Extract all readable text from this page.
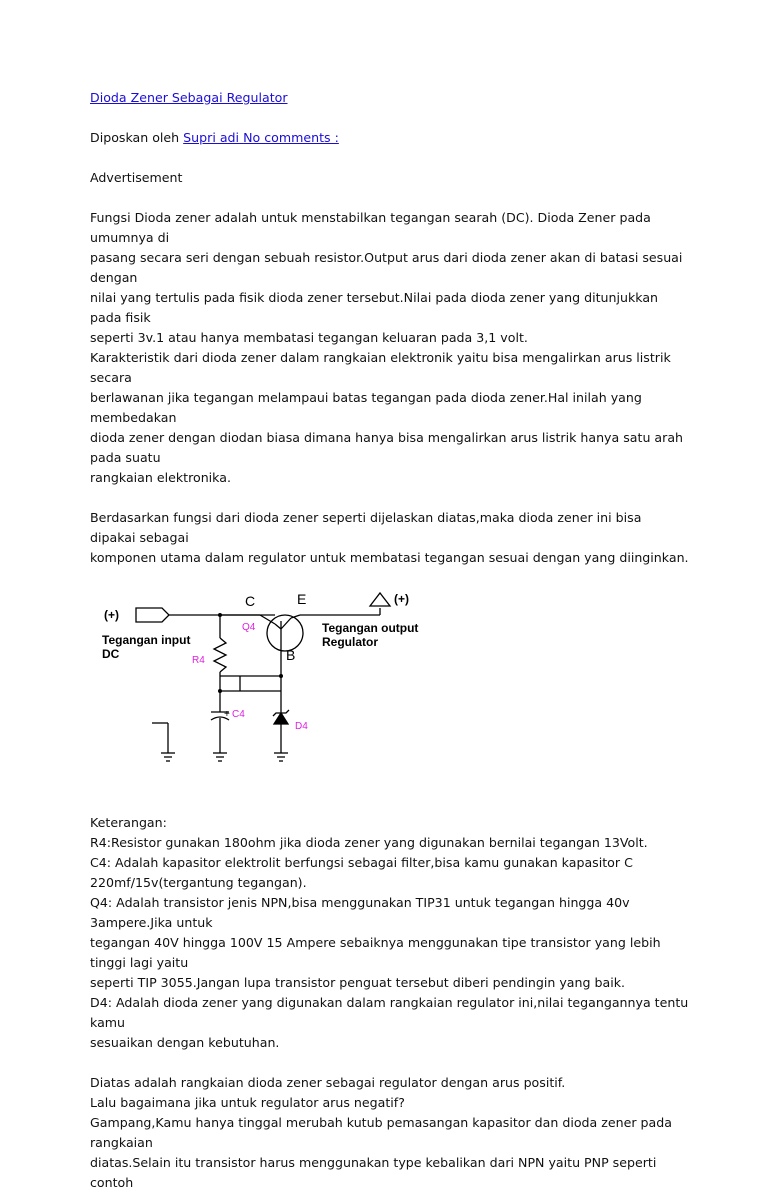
Dioda Zener Sebagai Regulator

Diposkan oleh Supri adi No comments :

Advertisement

Fungsi Dioda zener adalah untuk menstabilkan tegangan searah (DC). Dioda Zener pada umumnya di

pasang secara seri dengan sebuah resistor.Output arus dari dioda zener akan di batasi sesuai dengan

nilai yang tertulis pada fisik dioda zener tersebut.Nilai pada dioda zener yang ditunjukkan pada fisik

seperti 3v.1 atau hanya membatasi tegangan keluaran pada 3,1 volt.

Karakteristik dari dioda zener dalam rangkaian elektronik yaitu bisa mengalirkan arus listrik secara

berlawanan jika tegangan melampaui batas tegangan pada dioda zener.Hal inilah yang membedakan

dioda zener dengan diodan biasa dimana hanya bisa mengalirkan arus listrik hanya satu arah pada suatu

rangkaian elektronika.

Berdasarkan fungsi dari dioda zener seperti dijelaskan diatas,maka dioda zener ini bisa dipakai sebagai

komponen utama dalam regulator untuk membatasi tegangan sesuai dengan yang diinginkan.

(+)
Tegangan input
DC
(+)
Tegangan output
Regulator
C	E
B
Q4
R4
C4
D4
+

Keterangan:

R4:Resistor gunakan 180ohm jika dioda zener yang digunakan bernilai tegangan 13Volt.

C4: Adalah kapasitor elektrolit berfungsi sebagai filter,bisa kamu gunakan kapasitor C

220mf/15v(tergantung tegangan).

Q4: Adalah transistor jenis NPN,bisa menggunakan TIP31 untuk tegangan hingga 40v 3ampere.Jika untuk

tegangan 40V hingga 100V 15 Ampere sebaiknya menggunakan tipe transistor yang lebih tinggi lagi yaitu

seperti TIP 3055.Jangan lupa transistor penguat tersebut diberi pendingin yang baik.

D4: Adalah dioda zener yang digunakan dalam rangkaian regulator ini,nilai tegangannya tentu kamu

sesuaikan dengan kebutuhan.

Diatas adalah rangkaian dioda zener sebagai regulator dengan arus positif.

Lalu bagaimana jika untuk regulator arus negatif?

Gampang,Kamu hanya tinggal merubah kutub pemasangan kapasitor dan dioda zener pada rangkaian

diatas.Selain itu transistor harus menggunakan type kebalikan dari NPN yaitu PNP seperti contoh
